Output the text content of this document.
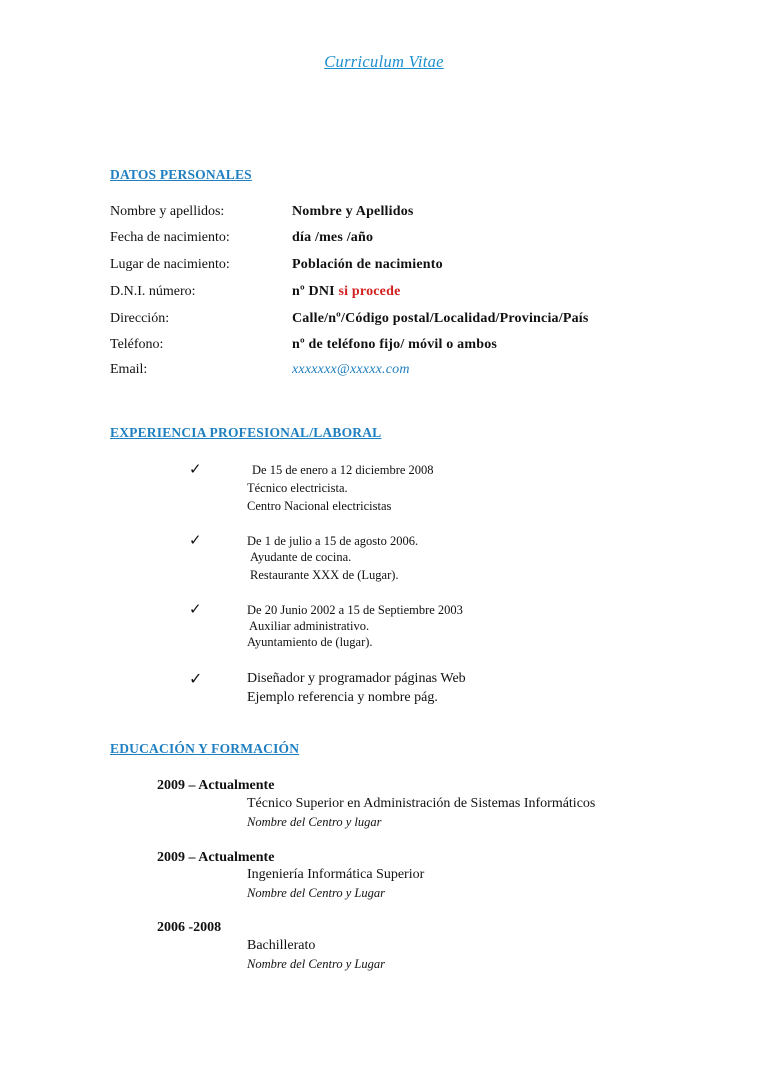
Curriculum Vitae
DATOS PERSONALES
Nombre y apellidos:	Nombre y Apellidos
Fecha de nacimiento:	día /mes /año
Lugar de nacimiento:	Población de nacimiento
D.N.I. número:	nº DNI si procede
Dirección:	Calle/nº/Código postal/Localidad/Provincia/País
Teléfono:	nº de teléfono fijo/ móvil o ambos
Email:	xxxxxxx@xxxxx.com
EXPERIENCIA PROFESIONAL/LABORAL
✓	De 15 de enero a 12 diciembre 2008
Técnico electricista.
Centro Nacional electricistas
✓	De 1 de julio a 15 de agosto 2006.
Ayudante de cocina.
Restaurante XXX de (Lugar).
✓	De 20 Junio 2002 a 15 de Septiembre 2003
Auxiliar administrativo.
Ayuntamiento de (lugar).
✓	Diseñador y programador páginas Web
Ejemplo referencia y nombre pág.
EDUCACIÓN Y FORMACIÓN
2009 – Actualmente
Técnico Superior en Administración de Sistemas Informáticos
Nombre del Centro y lugar
2009 – Actualmente
Ingeniería Informática Superior
Nombre del Centro y Lugar
2006 -2008
Bachillerato
Nombre del Centro y Lugar
